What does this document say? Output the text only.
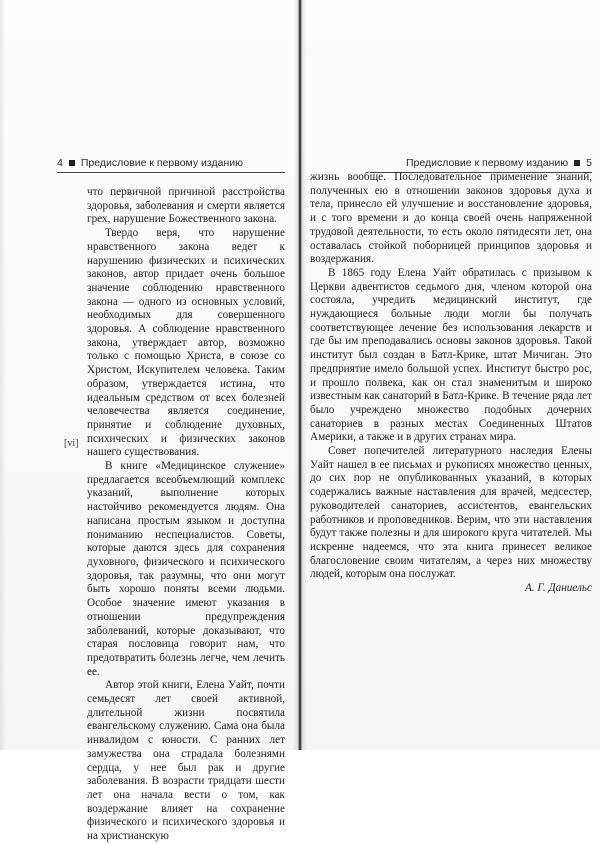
4 Предисловие к первому изданию
[vi]

что первичной причиной расстройства здоровья, заболевания и смерти является грех, нарушение Божественного закона.

Твердо веря, что нарушение нравственного закона ведет к нарушению физических и психических законов, автор придает очень большое значение соблюдению нравственного закона — одного из основных условий, необходимых для совершенного здоровья. А соблюдение нравственного закона, утверждает автор, возможно только с помощью Христа, в союзе со Христом, Искупителем человека. Таким образом, утверждается истина, что идеальным средством от всех болезней человечества является соединение, принятие и соблюдение духовных, психических и физических законов нашего существования.

В книге «Медицинское служение» предлагается всеобъемлющий комплекс указаний, выполнение которых настойчиво рекомендуется людям. Она написана простым языком и доступна пониманию неспециалистов. Советы, которые даются здесь для сохранения духовного, физического и психического здоровья, так разумны, что они могут быть хорошо поняты всеми людьми. Особое значение имеют указания в отношении предупреждения заболеваний, которые доказывают, что старая пословица говорит нам, что предотвратить болезнь легче, чем лечить ее.

Автор этой книги, Елена Уайт, почти семьдесят лет своей активной, длительной жизни посвятила евангельскому служению. Сама она была инвалидом с юности. С ранних лет замужества она страдала болезнями сердца, у нее был рак и другие заболевания. В возрасти тридцати шести лет она начала вести о том, как воздержание влияет на сохранение физического и психического здоровья и на христианскую

Предисловие к первому изданию 5

жизнь вообще. Последовательное применение знаний, полученных ею в отношении законов здоровья духа и тела, принесло ей улучшение и восстановление здоровья, и с того времени и до конца своей очень напряженной трудовой деятельности, то есть около пятидесяти лет, она оставалась стойкой поборницей принципов здоровья и воздержания.

В 1865 году Елена Уайт обратилась с призывом к Церкви адвентистов седьмого дня, членом которой она состояла, учредить медицинский институт, где нуждающиеся больные люди могли бы получать соответствующее лечение без использования лекарств и где бы им преподавались основы законов здоровья. Такой институт был создан в Батл-Крике, штат Мичиган. Это предприятие имело большой успех. Институт быстро рос, и прошло полвека, как он стал знаменитым и широко известным как санаторий в Батл-Крике. В течение ряда лет было учреждено множество подобных дочерних санаториев в разных местах Соединенных Штатов Америки, а также и в других странах мира.

Совет попечителей литературного наследия Елены Уайт нашел в ее письмах и рукописях множество ценных, до сих пор не опубликованных указаний, в которых содержались важные наставления для врачей, медсестер, руководителей санаториев, ассистентов, евангельских работников и проповедников. Верим, что эти наставления будут также полезны и для широкого круга читателей. Мы искренне надеемся, что эта книга принесет великое благословение своим читателям, а через них множеству людей, которым она послужат.

А. Г. Даниельс
